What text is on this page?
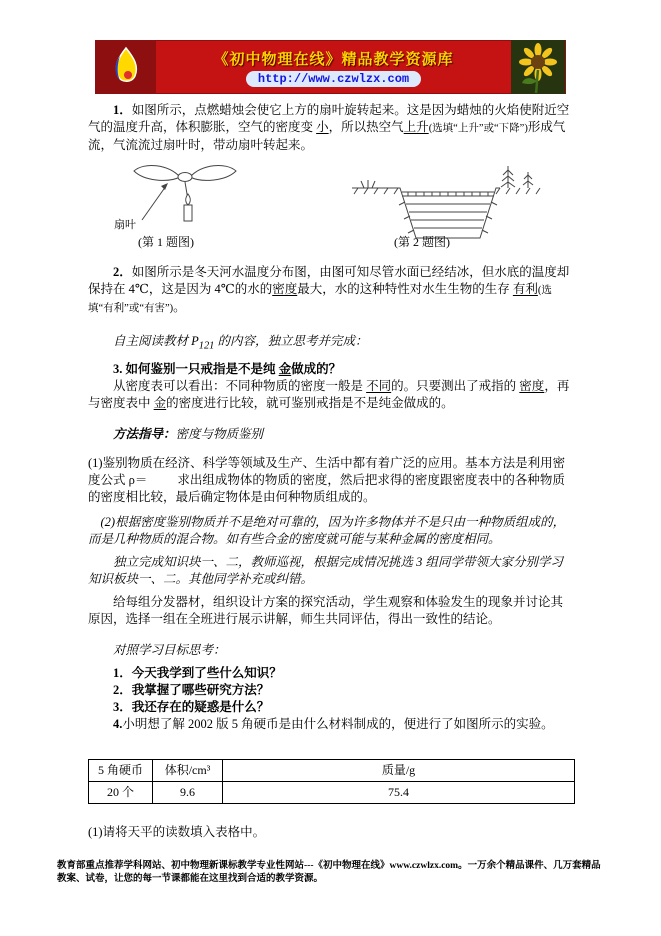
《初中物理在线》精品教学资源库
http://www.czwlzx.com

1．如图所示，点燃蜡烛会使它上方的扇叶旋转起来。这是因为蜡烛的火焰使附近空气的温度升高，体积膨胀，空气的密度变 小，所以热空气上升(选填“上升”或“下降”)形成气流，气流流过扇叶时，带动扇叶转起来。

扇叶
(第 1 题图)	(第 2 题图)

2．如图所示是冬天河水温度分布图，由图可知尽管水面已经结冰，但水底的温度却保持在 4℃，这是因为 4℃的水的密度最大，水的这种特性对水生生物的生存 有利(选填“有利”或“有害”)。

自主阅读教材 $P_{121}$ 的内容，独立思考并完成：

3. 如何鉴别一只戒指是不是纯 金做成的？

从密度表可以看出：不同种物质的密度一般是 不同的。只要测出了戒指的 密度，再与密度表中 金的密度进行比较，就可鉴别戒指是不是纯金做成的。

方法指导：密度与物质鉴别

(1)鉴别物质在经济、科学等领域及生产、生活中都有着广泛的应用。基本方法是利用密度公式 ρ＝ 求出组成物体的物质的密度，然后把求得的密度跟密度表中的各种物质的密度相比较，最后确定物体是由何种物质组成的。

(2)根据密度鉴别物质并不是绝对可靠的，因为许多物体并不是只由一种物质组成的，而是几种物质的混合物。如有些合金的密度就可能与某种金属的密度相同。

独立完成知识块一、二，教师巡视，根据完成情况挑选 3 组同学带领大家分别学习知识板块一、二。其他同学补充或纠错。

给每组分发器材，组织设计方案的探究活动，学生观察和体验发生的现象并讨论其原因，选择一组在全班进行展示讲解，师生共同评估，得出一致性的结论。

对照学习目标思考：

1．今天我学到了些什么知识？

2．我掌握了哪些研究方法？

3．我还存在的疑惑是什么？

4.小明想了解 2002 版 5 角硬币是由什么材料制成的，便进行了如图所示的实验。

5 角硬币	体积/cm³	质量/g
20 个	9.6	75.4

(1)请将天平的读数填入表格中。

教育部重点推荐学科网站、初中物理新课标教学专业性网站---《初中物理在线》www.czwlzx.com。一万余个精品课件、几万套精品教案、试卷，让您的每一节课都能在这里找到合适的教学资源。
